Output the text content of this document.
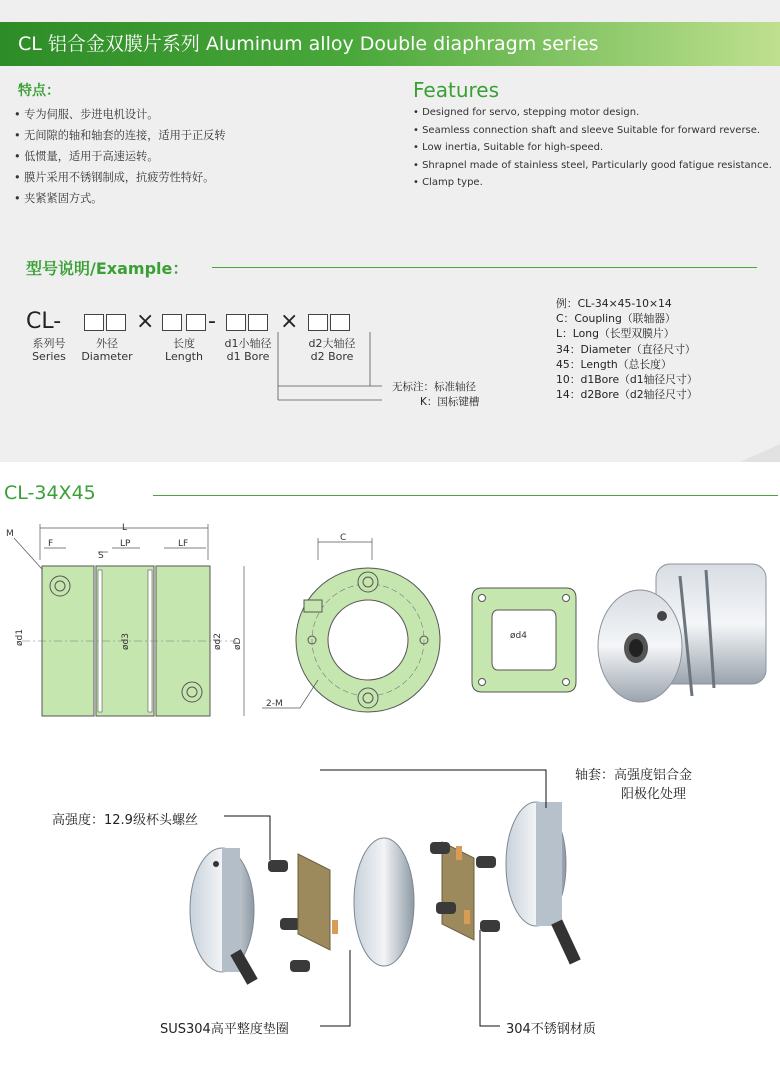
CL 铝合金双膜片系列 Aluminum alloy Double diaphragm series
特点：
• 专为伺服、步进电机设计。
• 无间隙的轴和轴套的连接，适用于正反转
• 低惯量，适用于高速运转。
• 膜片采用不锈钢制成，抗疲劳性特好。
• 夹紧紧固方式。
Features
• Designed for servo, stepping motor design.
• Seamless connection shaft and sleeve Suitable for forward reverse.
• Low inertia, Suitable for high-speed.
• Shrapnel made of stainless steel, Particularly good fatigue resistance.
• Clamp type.
型号说明/Example：
CL-	× -	×
系列号
Series
外径
Diameter
长度
Length
d1小轴径
d1 Bore
d2大轴径
d2 Bore
无标注：标准轴径
K：国标键槽
例：CL-34×45-10×14
C：Coupling（联轴器）
L：Long（长型双膜片）
34：Diameter（直径尺寸）
45：Length（总长度）
10：d1Bore（d1轴径尺寸）
14：d2Bore（d2轴径尺寸）
CL-34X45
L
F
S
LP	LF
M
ød1	ød3	ød2 øD
C
2-M
ød4
轴套：高强度铝合金
阳极化处理
高强度：12.9级杯头螺丝
SUS304高平整度垫圈	304不锈钢材质
